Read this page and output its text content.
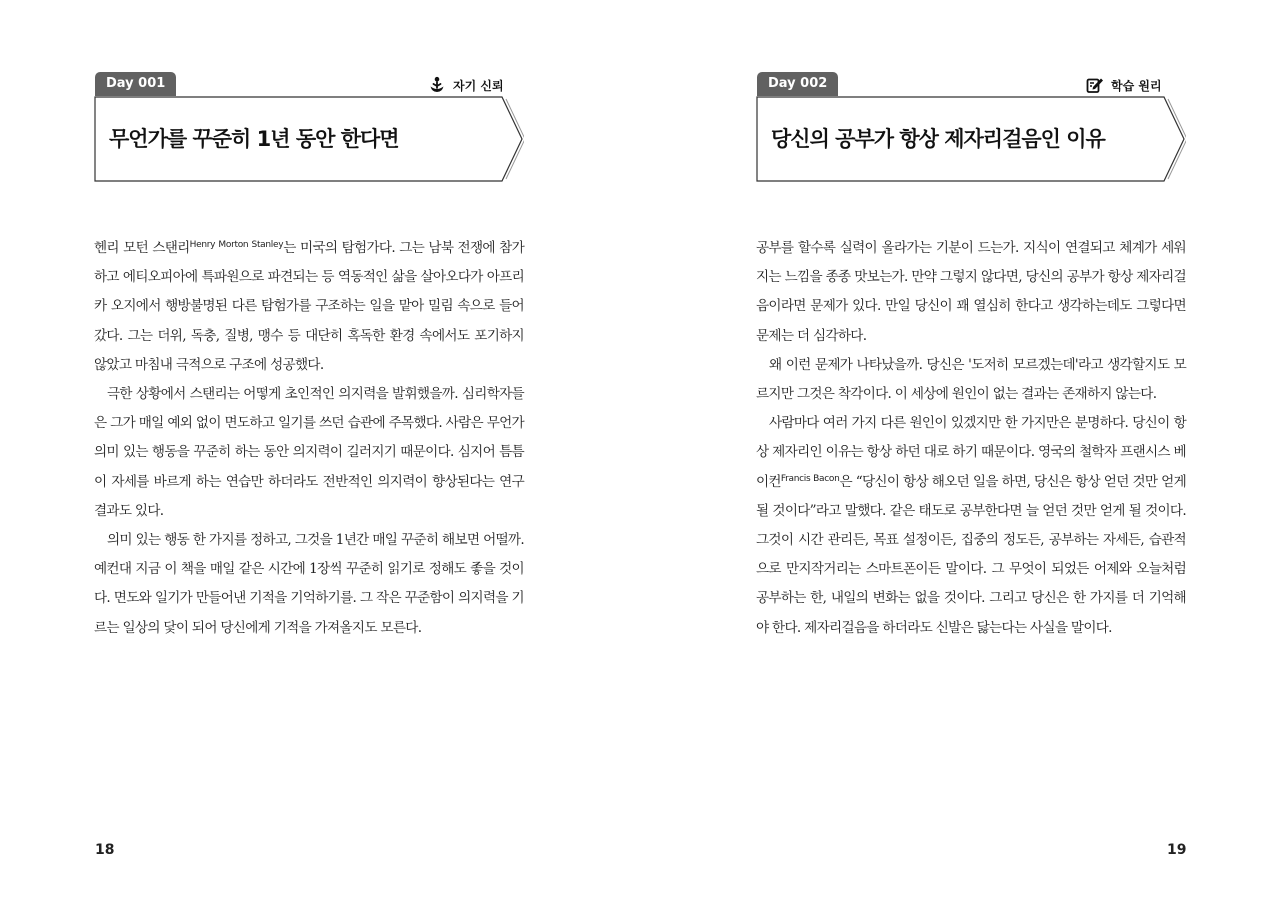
Day 001	자기 신뢰
무언가를 꾸준히 1년 동안 한다면

헨리 모턴 스탠리$^{Henry Morton Stanley}$는 미국의 탐험가다. 그는 남북 전쟁에 참가하고 에티오피아에 특파원으로 파견되는 등 역동적인 삶을 살아오다가 아프리카 오지에서 행방불명된 다른 탐험가를 구조하는 일을 맡아 밀림 속으로 들어갔다. 그는 더위, 독충, 질병, 맹수 등 대단히 혹독한 환경 속에서도 포기하지 않았고 마침내 극적으로 구조에 성공했다.

극한 상황에서 스탠리는 어떻게 초인적인 의지력을 발휘했을까. 심리학자들은 그가 매일 예외 없이 면도하고 일기를 쓰던 습관에 주목했다. 사람은 무언가 의미 있는 행동을 꾸준히 하는 동안 의지력이 길러지기 때문이다. 심지어 틈틈이 자세를 바르게 하는 연습만 하더라도 전반적인 의지력이 향상된다는 연구 결과도 있다.

의미 있는 행동 한 가지를 정하고, 그것을 1년간 매일 꾸준히 해보면 어떨까. 예컨대 지금 이 책을 매일 같은 시간에 1장씩 꾸준히 읽기로 정해도 좋을 것이다. 면도와 일기가 만들어낸 기적을 기억하기를. 그 작은 꾸준함이 의지력을 기르는 일상의 닻이 되어 당신에게 기적을 가져올지도 모른다.

18
Day 002	학습 원리
당신의 공부가 항상 제자리걸음인 이유

공부를 할수록 실력이 올라가는 기분이 드는가. 지식이 연결되고 체계가 세워지는 느낌을 종종 맛보는가. 만약 그렇지 않다면, 당신의 공부가 항상 제자리걸음이라면 문제가 있다. 만일 당신이 꽤 열심히 한다고 생각하는데도 그렇다면 문제는 더 심각하다.

왜 이런 문제가 나타났을까. 당신은 '도저히 모르겠는데'라고 생각할지도 모르지만 그것은 착각이다. 이 세상에 원인이 없는 결과는 존재하지 않는다.

사람마다 여러 가지 다른 원인이 있겠지만 한 가지만은 분명하다. 당신이 항상 제자리인 이유는 항상 하던 대로 하기 때문이다. 영국의 철학자 프랜시스 베이컨$^{Francis Bacon}$은 “당신이 항상 해오던 일을 하면, 당신은 항상 얻던 것만 얻게 될 것이다”라고 말했다. 같은 태도로 공부한다면 늘 얻던 것만 얻게 될 것이다. 그것이 시간 관리든, 목표 설정이든, 집중의 정도든, 공부하는 자세든, 습관적으로 만지작거리는 스마트폰이든 말이다. 그 무엇이 되었든 어제와 오늘처럼 공부하는 한, 내일의 변화는 없을 것이다. 그리고 당신은 한 가지를 더 기억해야 한다. 제자리걸음을 하더라도 신발은 닳는다는 사실을 말이다.

19
